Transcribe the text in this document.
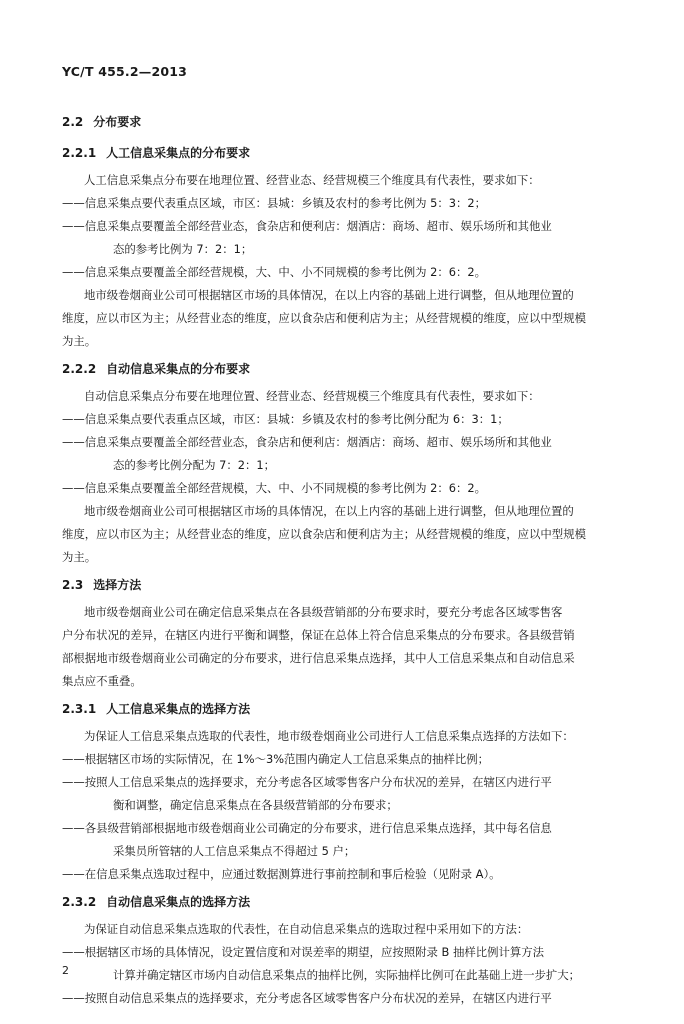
YC/T 455.2—2013
2.2 分布要求
2.2.1 人工信息采集点的分布要求
人工信息采集点分布要在地理位置、经营业态、经营规模三个维度具有代表性，要求如下：
——信息采集点要代表重点区域，市区：县城：乡镇及农村的参考比例为 5：3：2；
——信息采集点要覆盖全部经营业态，食杂店和便利店：烟酒店：商场、超市、娱乐场所和其他业
态的参考比例为 7：2：1；
——信息采集点要覆盖全部经营规模，大、中、小不同规模的参考比例为 2：6：2。
地市级卷烟商业公司可根据辖区市场的具体情况，在以上内容的基础上进行调整，但从地理位置的
维度，应以市区为主；从经营业态的维度，应以食杂店和便利店为主；从经营规模的维度，应以中型规模
为主。
2.2.2 自动信息采集点的分布要求
自动信息采集点分布要在地理位置、经营业态、经营规模三个维度具有代表性，要求如下：
——信息采集点要代表重点区域，市区：县城：乡镇及农村的参考比例分配为 6：3：1；
——信息采集点要覆盖全部经营业态，食杂店和便利店：烟酒店：商场、超市、娱乐场所和其他业
态的参考比例分配为 7：2：1；
——信息采集点要覆盖全部经营规模，大、中、小不同规模的参考比例为 2：6：2。
地市级卷烟商业公司可根据辖区市场的具体情况，在以上内容的基础上进行调整，但从地理位置的
维度，应以市区为主；从经营业态的维度，应以食杂店和便利店为主；从经营规模的维度，应以中型规模
为主。
2.3 选择方法
地市级卷烟商业公司在确定信息采集点在各县级营销部的分布要求时，要充分考虑各区域零售客
户分布状况的差异，在辖区内进行平衡和调整，保证在总体上符合信息采集点的分布要求。各县级营销
部根据地市级卷烟商业公司确定的分布要求，进行信息采集点选择，其中人工信息采集点和自动信息采
集点应不重叠。
2.3.1 人工信息采集点的选择方法
为保证人工信息采集点选取的代表性，地市级卷烟商业公司进行人工信息采集点选择的方法如下：
——根据辖区市场的实际情况，在 1%～3%范围内确定人工信息采集点的抽样比例；
——按照人工信息采集点的选择要求，充分考虑各区域零售客户分布状况的差异，在辖区内进行平
衡和调整，确定信息采集点在各县级营销部的分布要求；
——各县级营销部根据地市级卷烟商业公司确定的分布要求，进行信息采集点选择，其中每名信息
采集员所管辖的人工信息采集点不得超过 5 户；
——在信息采集点选取过程中，应通过数据测算进行事前控制和事后检验（见附录 A）。
2.3.2 自动信息采集点的选择方法
为保证自动信息采集点选取的代表性，在自动信息采集点的选取过程中采用如下的方法：
——根据辖区市场的具体情况，设定置信度和对误差率的期望，应按照附录 B 抽样比例计算方法
计算并确定辖区市场内自动信息采集点的抽样比例，实际抽样比例可在此基础上进一步扩大；
——按照自动信息采集点的选择要求，充分考虑各区域零售客户分布状况的差异，在辖区内进行平
2
